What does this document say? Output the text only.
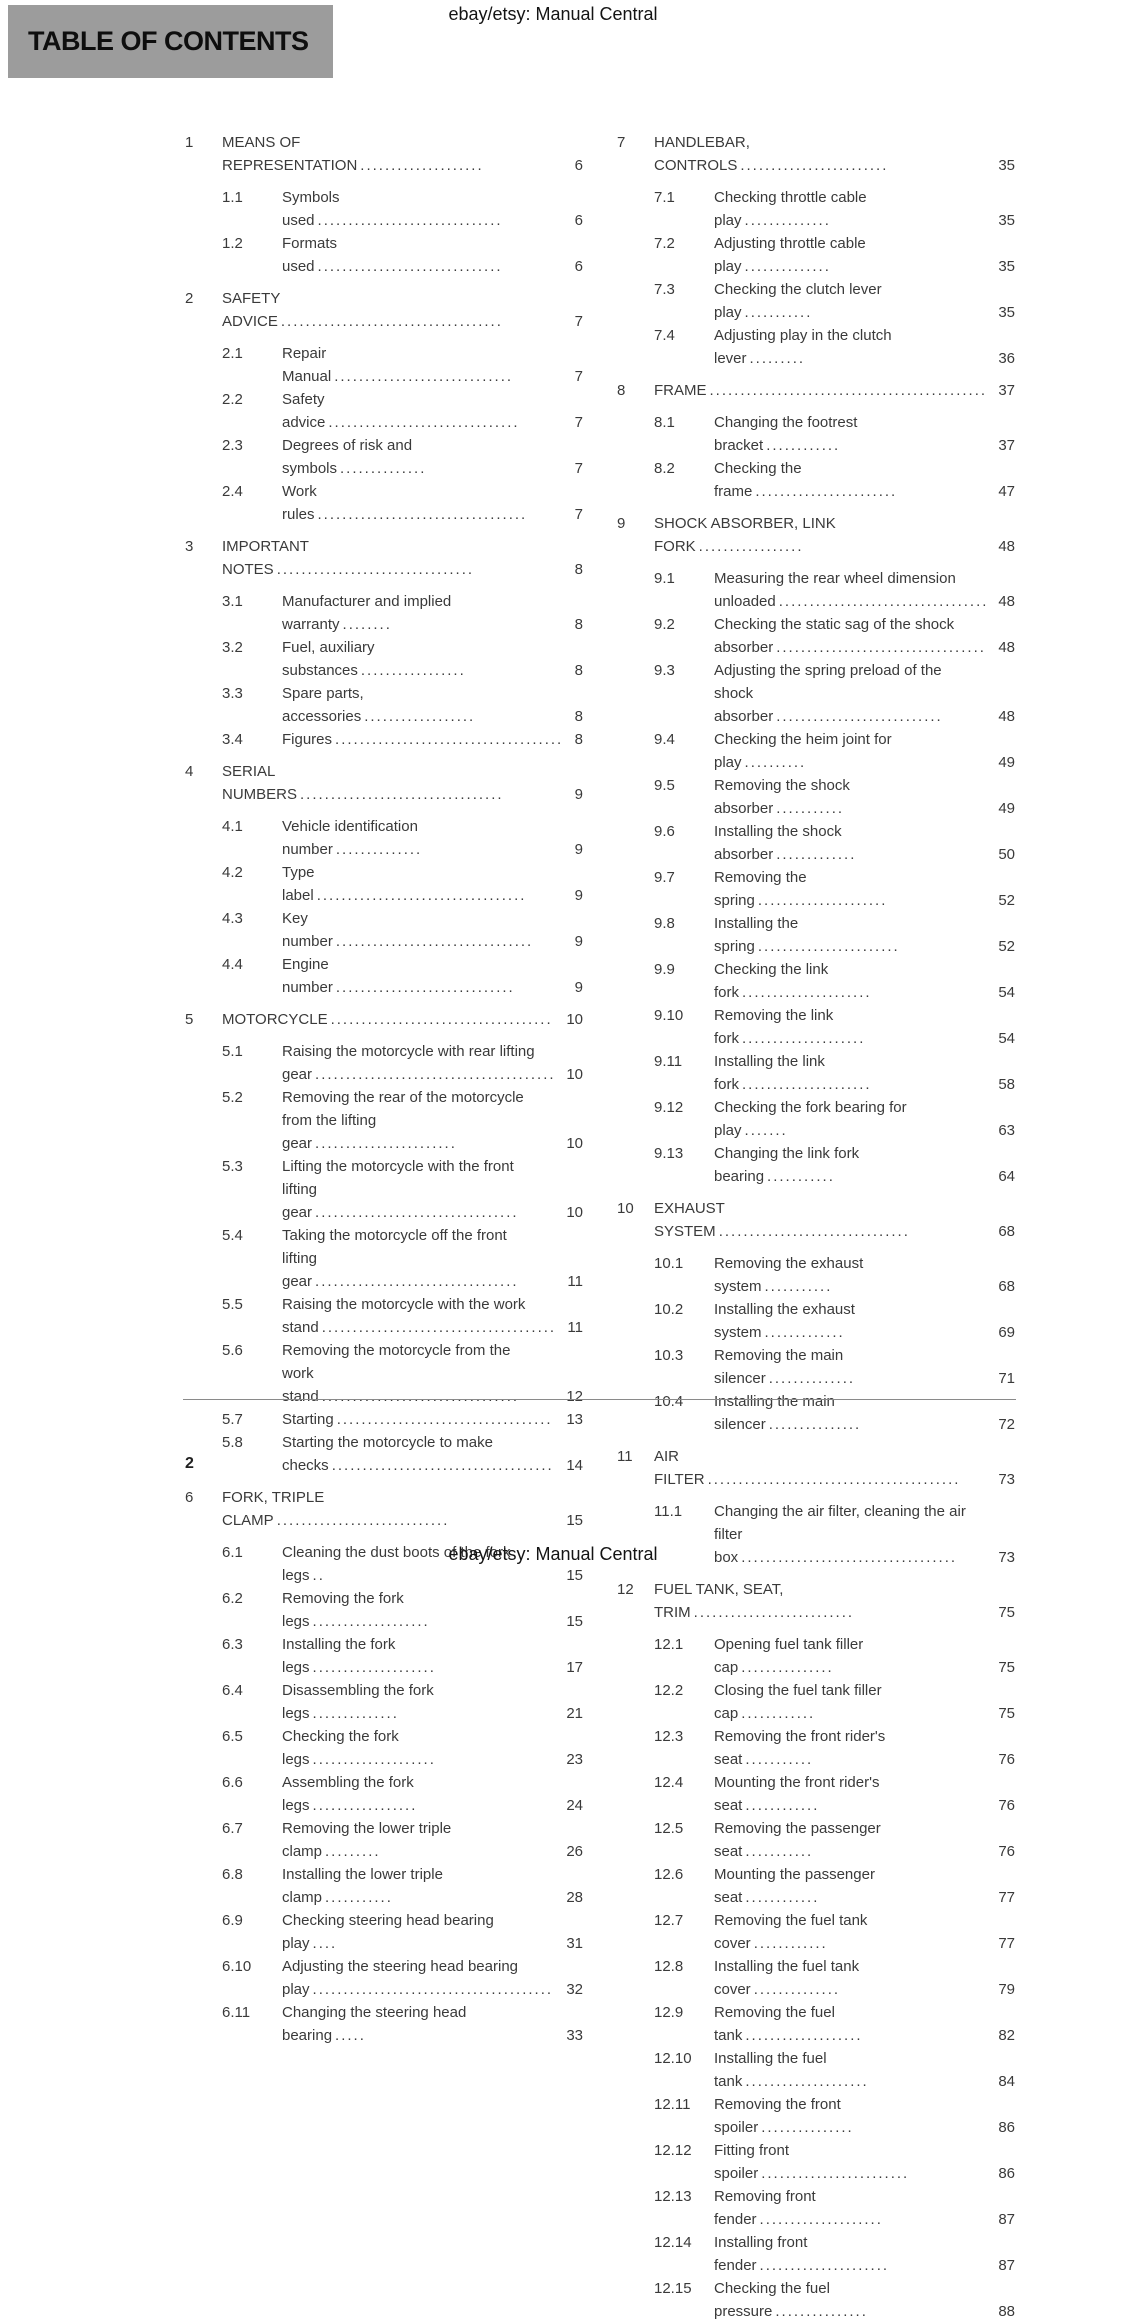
ebay/etsy: Manual Central
TABLE OF CONTENTS
1 MEANS OF REPRESENTATION ....................	6
1.1	Symbols used ..............................	6
1.2	Formats used ..............................	6
2 SAFETY ADVICE ....................................	7
2.1	Repair Manual .............................	7
2.2	Safety advice ...............................	7
2.3	Degrees of risk and symbols ..............	7
2.4	Work rules ..................................	7
3 IMPORTANT NOTES ................................	8
3.1	Manufacturer and implied warranty ........	8
3.2	Fuel, auxiliary substances .................	8
3.3	Spare parts, accessories ..................	8
3.4	Figures ..................................... 8
4 SERIAL NUMBERS .................................	9
4.1	Vehicle identification number ..............	9
4.2	Type label ..................................	9
4.3	Key number ................................	9
4.4	Engine number .............................	9
5 MOTORCYCLE .................................... 10
5.1	Raising the motorcycle with rear lifting gear ....................................... 10
5.2	Removing the rear of the motorcycle from the lifting gear .......................	10
5.3	Lifting the motorcycle with the front lifting gear .................................	10
5.4	Taking the motorcycle off the front lifting gear .................................	11
5.5	Raising the motorcycle with the work stand ...................................... 11
5.6	Removing the motorcycle from the work stand ................................	12
5.7	Starting ................................... 13
5.8	Starting the motorcycle to make checks .................................... 14
6 FORK, TRIPLE CLAMP ............................	15
6.1	Cleaning the dust boots of the fork legs ..	15
6.2	Removing the fork legs ...................	15
6.3	Installing the fork legs ....................	17
6.4	Disassembling the fork legs ..............	21
6.5	Checking the fork legs ....................	23
6.6	Assembling the fork legs .................	24
6.7	Removing the lower triple clamp .........	26
6.8	Installing the lower triple clamp ...........	28
6.9	Checking steering head bearing play ....	31
6.10 Adjusting the steering head bearing play ....................................... 32
6.11 Changing the steering head bearing .....	33
7 HANDLEBAR, CONTROLS ........................	35
7.1	Checking throttle cable play ..............	35
7.2	Adjusting throttle cable play ..............	35
7.3	Checking the clutch lever play ...........	35
7.4	Adjusting play in the clutch lever .........	36
8 FRAME ............................................. 37
8.1	Changing the footrest bracket ............	37
8.2	Checking the frame .......................	47
9 SHOCK ABSORBER, LINK FORK .................	48
9.1	Measuring the rear wheel dimension unloaded .................................. 48
9.2	Checking the static sag of the shock absorber .................................. 48
9.3	Adjusting the spring preload of the shock absorber ...........................	48
9.4	Checking the heim joint for play ..........	49
9.5	Removing the shock absorber ...........	49
9.6	Installing the shock absorber .............	50
9.7	Removing the spring .....................	52
9.8	Installing the spring .......................	52
9.9	Checking the link fork .....................	54
9.10 Removing the link fork ....................	54
9.11 Installing the link fork .....................	58
9.12 Checking the fork bearing for play .......	63
9.13 Changing the link fork bearing ...........	64
10 EXHAUST SYSTEM ...............................	68
10.1 Removing the exhaust system ...........	68
10.2 Installing the exhaust system .............	69
10.3 Removing the main silencer ..............	71
10.4 Installing the main silencer ...............	72
11 AIR FILTER .........................................	73
11.1 Changing the air filter, cleaning the air filter box ...................................	73
12 FUEL TANK, SEAT, TRIM ..........................	75
12.1 Opening fuel tank filler cap ...............	75
12.2 Closing the fuel tank filler cap ............	75
12.3 Removing the front rider's seat ...........	76
12.4 Mounting the front rider's seat ............	76
12.5 Removing the passenger seat ...........	76
12.6 Mounting the passenger seat ............	77
12.7 Removing the fuel tank cover ............	77
12.8 Installing the fuel tank cover ..............	79
12.9 Removing the fuel tank ...................	82
12.10 Installing the fuel tank ....................	84
12.11 Removing the front spoiler ...............	86
12.12 Fitting front spoiler ........................	86
12.13 Removing front fender ....................	87
12.14 Installing front fender .....................	87
12.15 Checking the fuel pressure ...............	88
2
ebay/etsy: Manual Central
